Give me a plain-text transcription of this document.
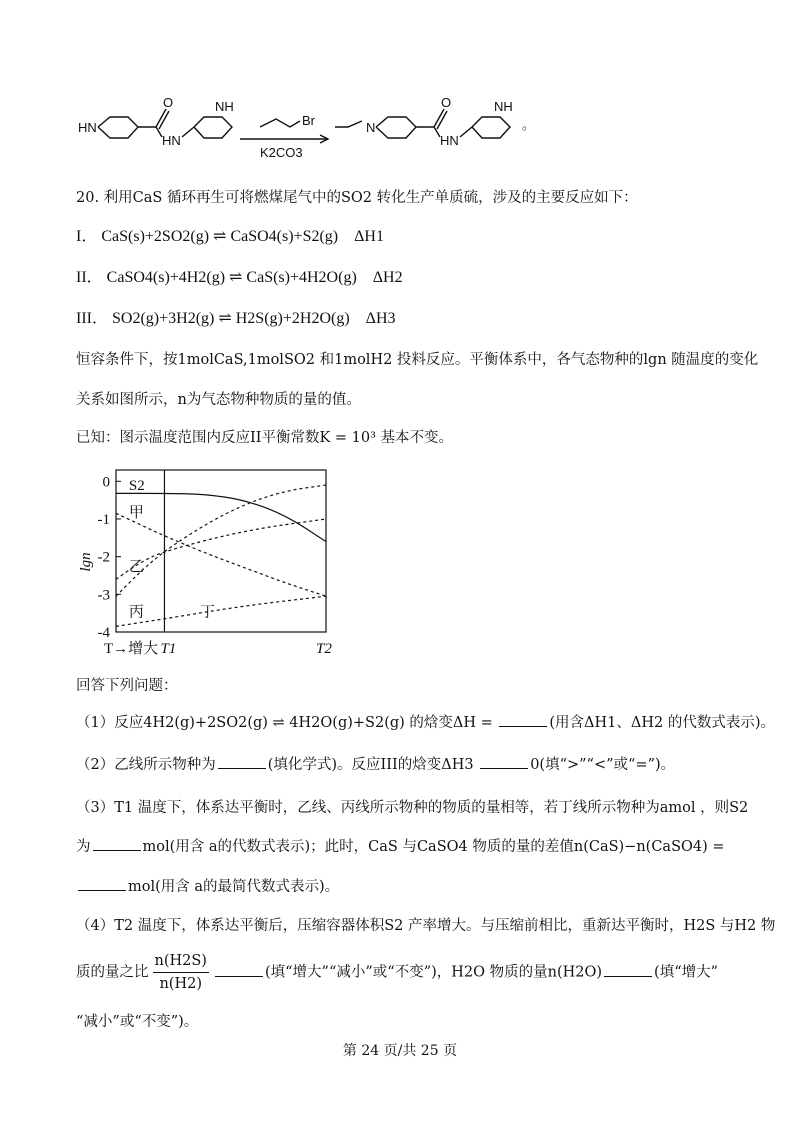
HN
O
HN
NH
Br
K2CO3
N
O
HN
NH
。
20. 利用CaS 循环再生可将燃煤尾气中的SO2 转化生产单质硫，涉及的主要反应如下：
I． CaS(s)+2SO2(g) ⇌ CaSO4(s)+S2(g) ΔH1
II． CaSO4(s)+4H2(g) ⇌ CaS(s)+4H2O(g) ΔH2
III． SO2(g)+3H2(g) ⇌ H2S(g)+2H2O(g) ΔH3
恒容条件下，按1molCaS,1molSO2 和1molH2 投料反应。平衡体系中，各气态物种的lgn 随温度的变化
关系如图所示，n为气态物种物质的量的值。
已知：图示温度范围内反应II平衡常数K = 10³ 基本不变。
0
-1
-2
-3
-4
lgn
T→增大 T1	T2
S2
甲
乙
丙	丁
回答下列问题：
（1）反应4H2(g)+2SO2(g) ⇌ 4H2O(g)+S2(g) 的焓变ΔH =	(用含ΔH1、ΔH2 的代数式表示)。
（2）乙线所示物种为	(填化学式)。反应III的焓变ΔH3	0(填“>”“<”或“=”)。
（3）T1 温度下，体系达平衡时，乙线、丙线所示物种的物质的量相等，若丁线所示物种为amol ，则S2
为	mol(用含 a的代数式表示)；此时，CaS 与CaSO4 物质的量的差值n(CaS)−n(CaSO4) =
mol(用含 a的最简代数式表示)。
（4）T2 温度下，体系达平衡后，压缩容器体积S2 产率增大。与压缩前相比，重新达平衡时，H2S 与H2 物
质的量之比 $\frac{n(H2S)}{n(H2)}$	(填“增大”“减小”或“不变”)，H2O 物质的量n(H2O)	(填“增大”
“减小”或“不变”)。
第 24 页/共 25 页
